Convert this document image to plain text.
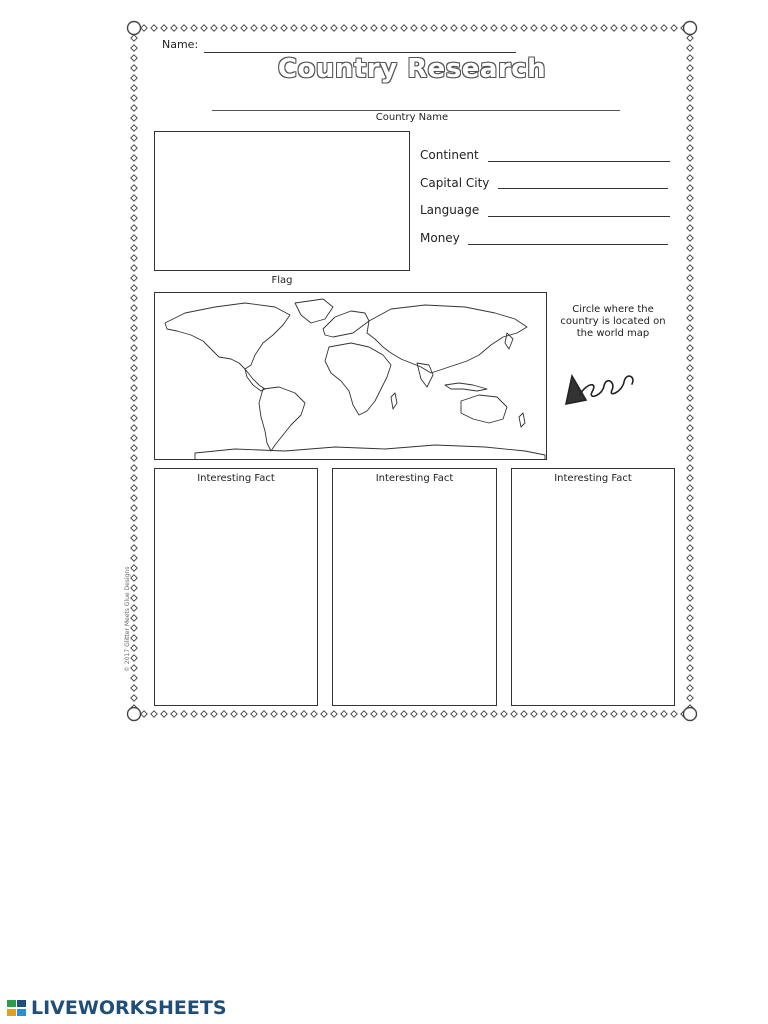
Name:
Country Research
Country Name
Flag
Continent
Capital City
Language
Money
Circle where the country is located on the world map
Interesting Fact	Interesting Fact	Interesting Fact
© 2017 Glitter Meets Glue Designs
LIVEWORKSHEETS
